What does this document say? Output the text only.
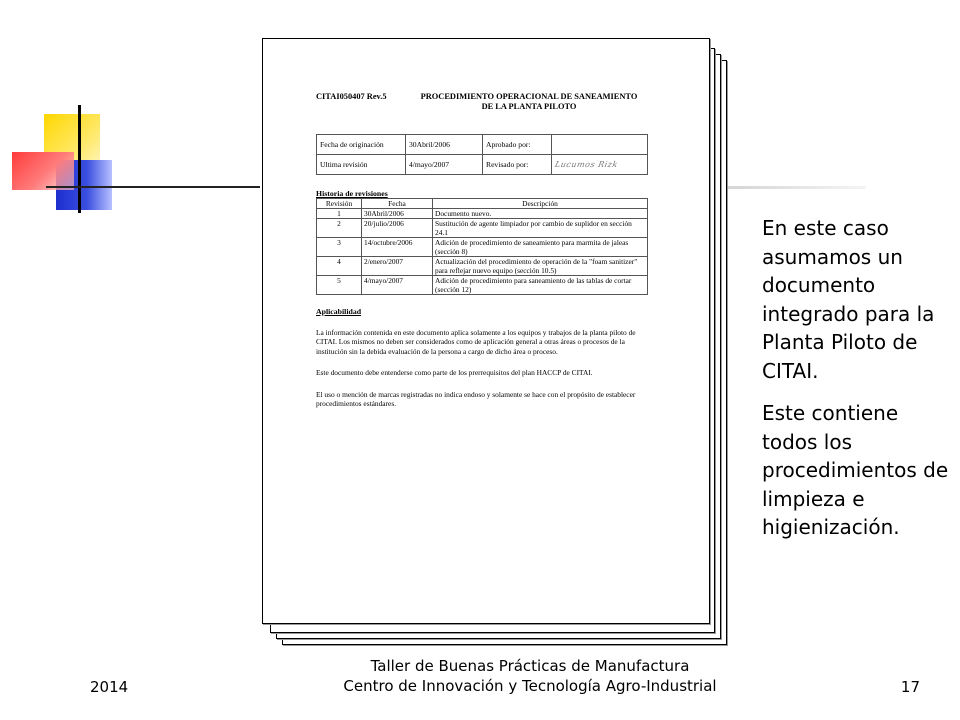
CITAI050407 Rev.5	PROCEDIMIENTO OPERACIONAL DE SANEAMIENTO
DE LA PLANTA PILOTO
Fecha de originación	30Abril/2006	Aprobado por:	
Ultima revisión	4/mayo/2007	Revisado por:	Lucumos Rizk
Historia de revisiones
Revisión	Fecha	Descripción
1	30Abril/2006	Documento nuevo.
2	20/julio/2006	Sustitución de agente limpiador por cambio de suplidor en sección 24.1
3	14/octubre/2006	Adición de procedimiento de saneamiento para marmita de jaleas (sección 8)
4	2/enero/2007	Actualización del procedimiento de operación de la "foam sanitizer" para reflejar nuevo equipo (sección 10.5)
5	4/mayo/2007	Adición de procedimiento para saneamiento de las tablas de cortar (sección 12)
Aplicabilidad

La información contenida en este documento aplica solamente a los equipos y trabajos de la planta piloto de CITAI. Los mismos no deben ser considerados como de aplicación general a otras áreas o procesos de la institución sin la debida evaluación de la persona a cargo de dicho área o proceso.

Este documento debe entenderse como parte de los prerrequisitos del plan HACCP de CITAI.

El uso o mención de marcas registradas no indica endoso y solamente se hace con el propósito de establecer procedimientos estándares.

En este caso asumamos un documento integrado para la Planta Piloto de CITAI.

Este contiene todos los procedimientos de limpieza e higienización.

2014
Taller de Buenas Prácticas de Manufactura
Centro de Innovación y Tecnología Agro-Industrial	17
